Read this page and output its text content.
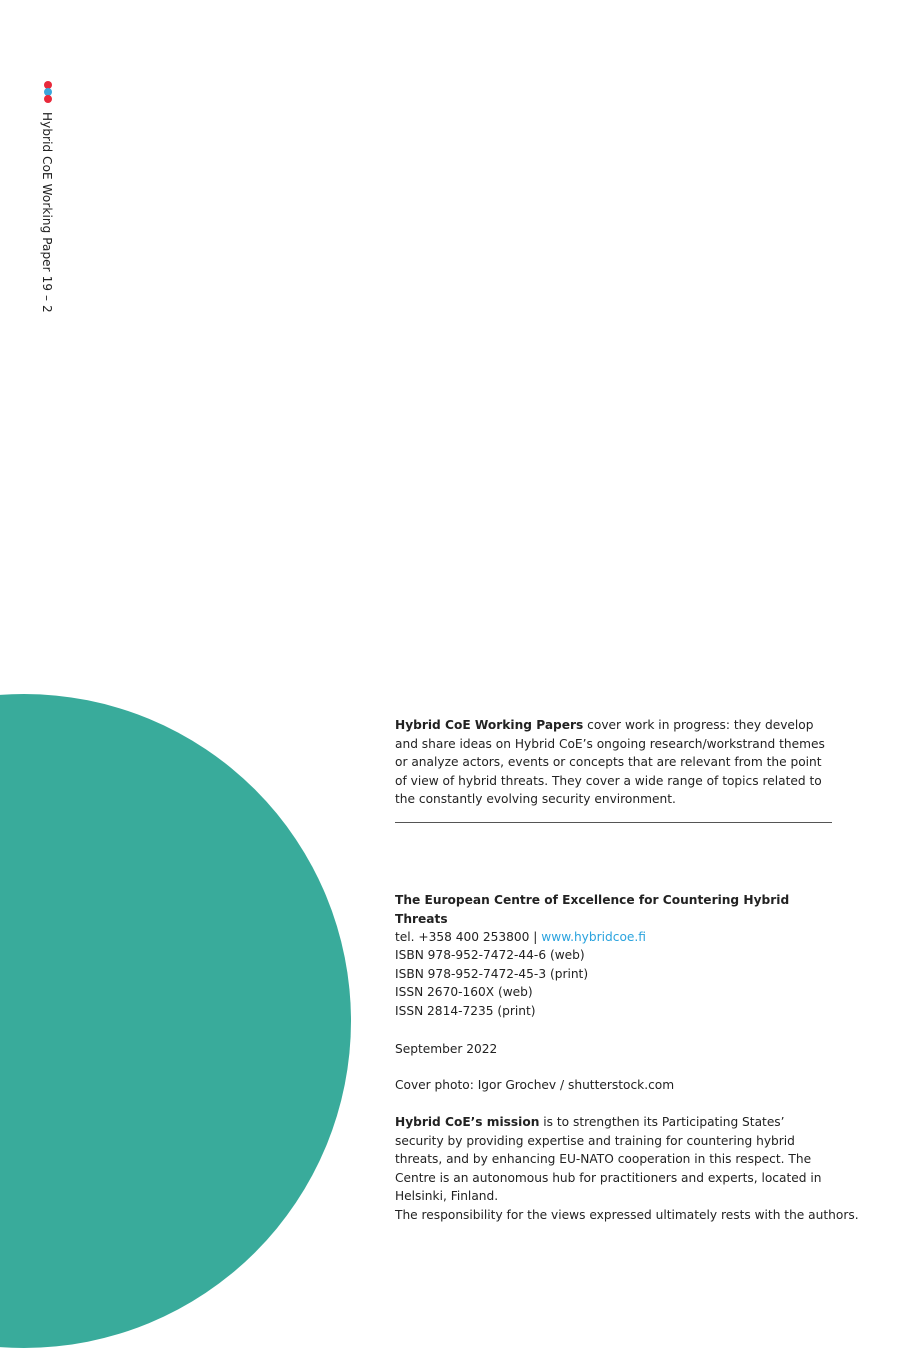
Hybrid CoE Working Paper 19 – 2

Hybrid CoE Working Papers cover work in progress: they develop and share ideas on Hybrid CoE’s ongoing research/workstrand themes or analyze actors, events or concepts that are relevant from the point of view of hybrid threats. They cover a wide range of topics related to the constantly evolving security environment.

The European Centre of Excellence for Countering Hybrid Threats
tel. +358 400 253800 | www.hybridcoe.fi
ISBN 978-952-7472-44-6 (web)
ISBN 978-952-7472-45-3 (print)
ISSN 2670-160X (web)
ISSN 2814-7235 (print)

September 2022

Cover photo: Igor Grochev / shutterstock.com

Hybrid CoE’s mission is to strengthen its Participating States’ security by providing expertise and training for countering hybrid threats, and by enhancing EU-NATO cooperation in this respect. The Centre is an autonomous hub for practitioners and experts, located in Helsinki, Finland.

The responsibility for the views expressed ultimately rests with the authors.
